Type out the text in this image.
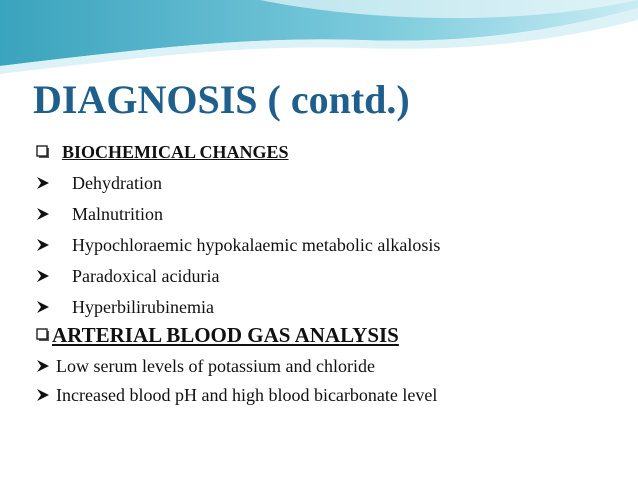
DIAGNOSIS ( contd.)
BIOCHEMICAL CHANGES
Dehydration
Malnutrition
Hypochloraemic hypokalaemic metabolic alkalosis
Paradoxical aciduria
Hyperbilirubinemia
ARTERIAL BLOOD GAS ANALYSIS
Low serum levels of potassium and chloride
Increased blood pH and high blood bicarbonate level
